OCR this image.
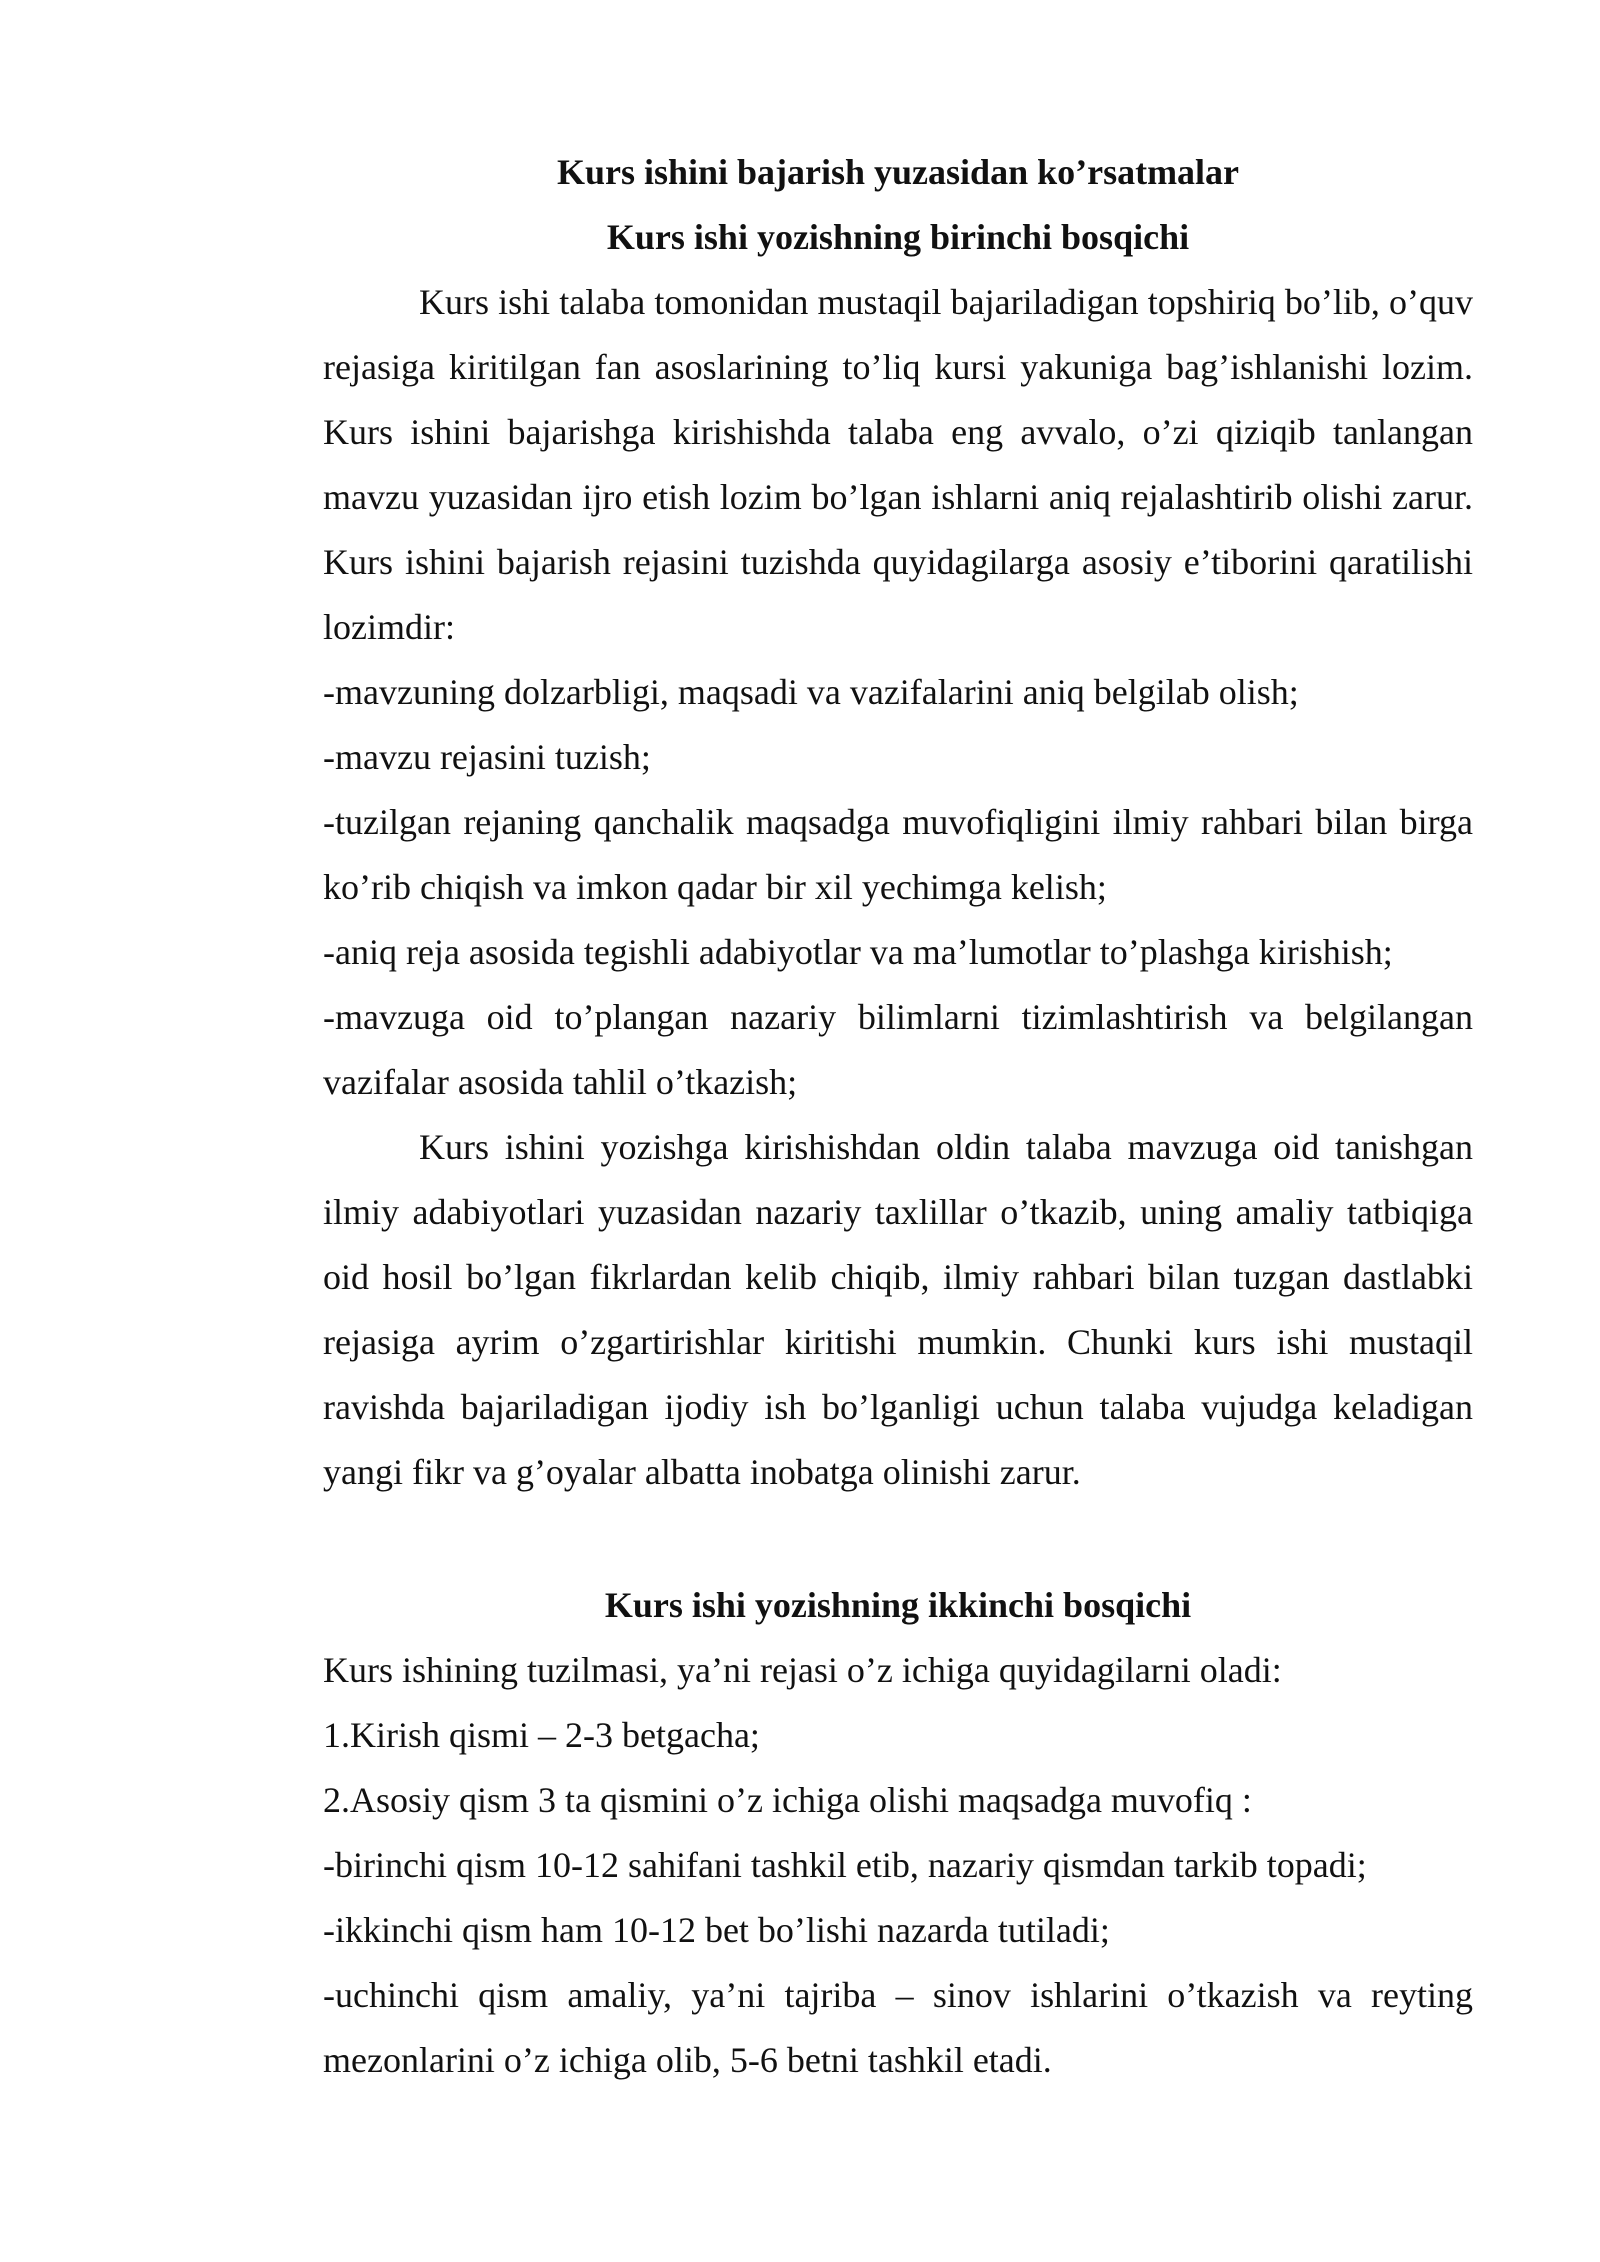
Kurs ishini bajarish yuzasidan ko’rsatmalar
Kurs ishi yozishning birinchi bosqichi

Kurs ishi talaba tomonidan mustaqil bajariladigan topshiriq bo’lib, o’quv rejasiga kiritilgan fan asoslarining to’liq kursi yakuniga bag’ishlanishi lozim. Kurs ishini bajarishga kirishishda talaba eng avvalo, o’zi qiziqib tanlangan mavzu yuzasidan ijro etish lozim bo’lgan ishlarni aniq rejalashtirib olishi zarur. Kurs ishini bajarish rejasini tuzishda quyidagilarga asosiy e’tiborini qaratilishi lozimdir:

-mavzuning dolzarbligi, maqsadi va vazifalarini aniq belgilab olish;

-mavzu rejasini tuzish;

-tuzilgan rejaning qanchalik maqsadga muvofiqligini ilmiy rahbari bilan birga ko’rib chiqish va imkon qadar bir xil yechimga kelish;

-aniq reja asosida tegishli adabiyotlar va ma’lumotlar to’plashga kirishish;

-mavzuga oid to’plangan nazariy bilimlarni tizimlashtirish va belgilangan vazifalar asosida tahlil o’tkazish;

Kurs ishini yozishga kirishishdan oldin talaba mavzuga oid tanishgan ilmiy adabiyotlari yuzasidan nazariy taxlillar o’tkazib, uning amaliy tatbiqiga oid hosil bo’lgan fikrlardan kelib chiqib, ilmiy rahbari bilan tuzgan dastlabki rejasiga ayrim o’zgartirishlar kiritishi mumkin. Chunki kurs ishi mustaqil ravishda bajariladigan ijodiy ish bo’lganligi uchun talaba vujudga keladigan yangi fikr va g’oyalar albatta inobatga olinishi zarur.

Kurs ishi yozishning ikkinchi bosqichi

Kurs ishining tuzilmasi, ya’ni rejasi o’z ichiga quyidagilarni oladi:

1.Kirish qismi – 2-3 betgacha;

2.Asosiy qism 3 ta qismini o’z ichiga olishi maqsadga muvofiq :

-birinchi qism 10-12 sahifani tashkil etib, nazariy qismdan tarkib topadi;

-ikkinchi qism ham 10-12 bet bo’lishi nazarda tutiladi;

-uchinchi qism amaliy, ya’ni tajriba – sinov ishlarini o’tkazish va reyting mezonlarini o’z ichiga olib, 5-6 betni tashkil etadi.
